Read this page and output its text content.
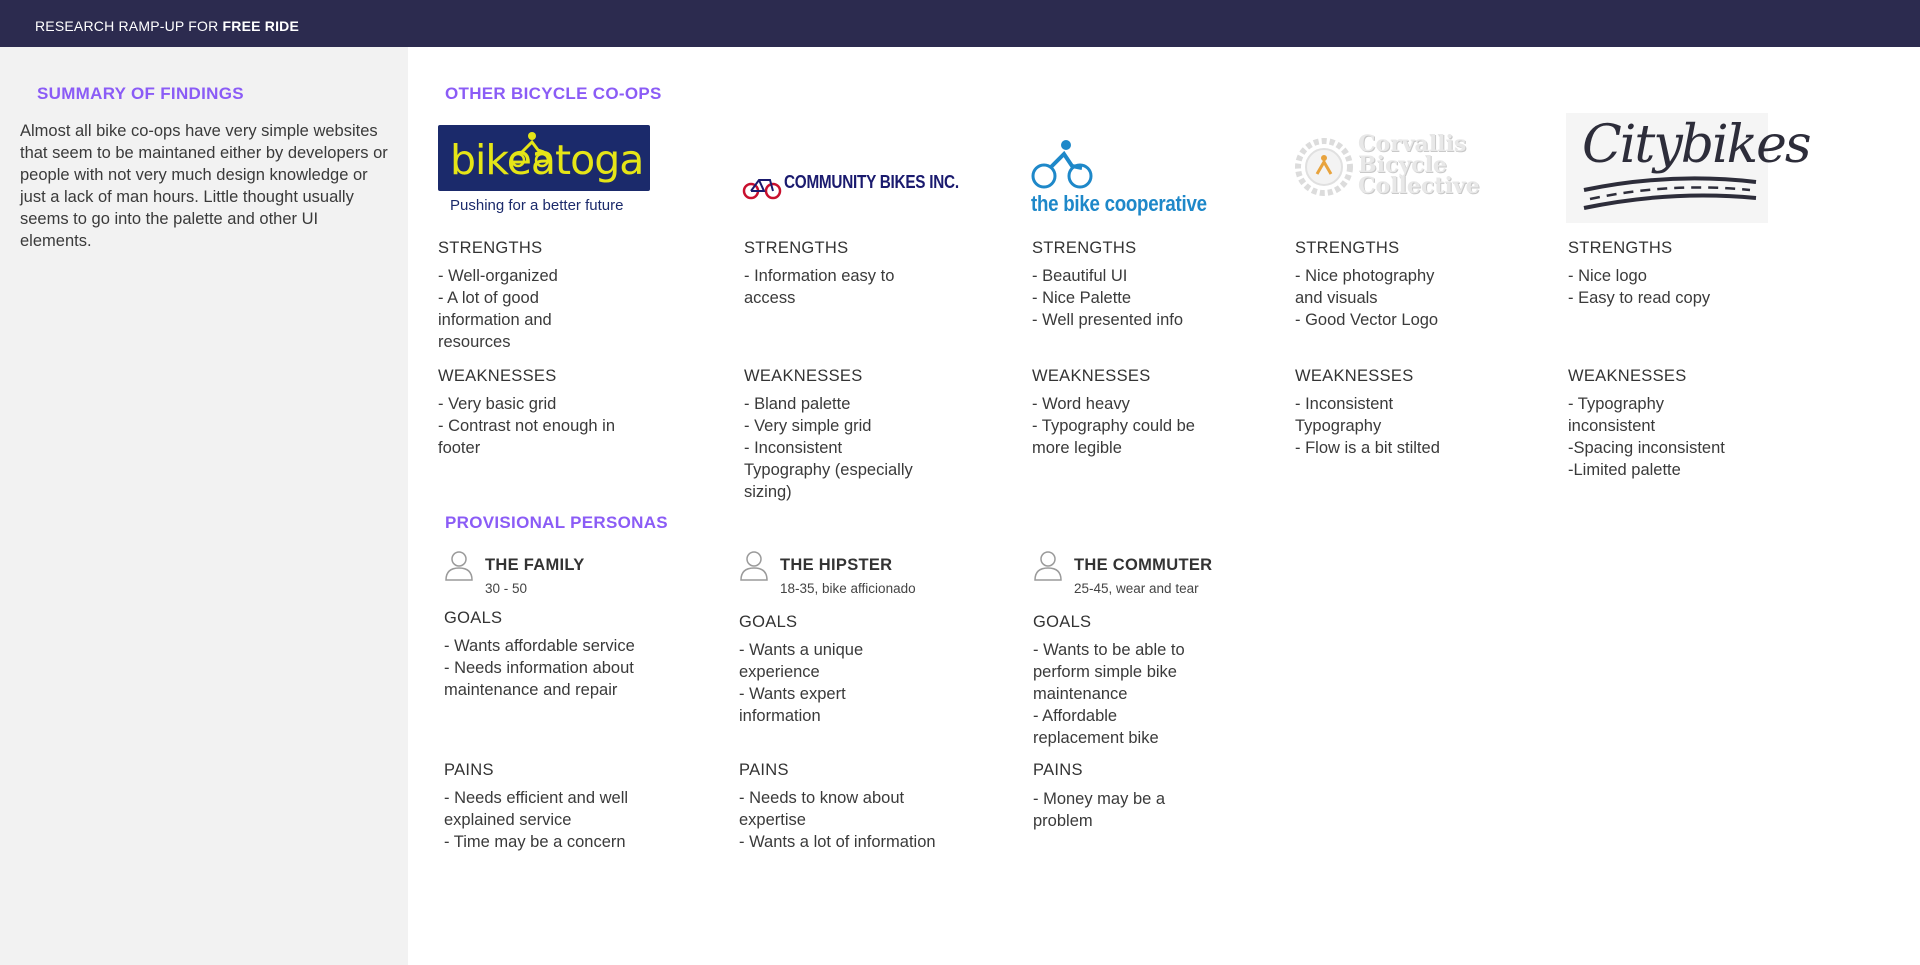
RESEARCH RAMP-UP FOR FREE RIDE
SUMMARY OF FINDINGS
Almost all bike co-ops have very simple websites that seem to be maintaned either by developers or people with not very much design knowledge or just a lack of man hours. Little thought usually seems to go into the palette and other UI elements.
OTHER BICYCLE CO-OPS
bikeatoga
Pushing for a better future
COMMUNITY BIKES INC.
the bike cooperative
Corvallis
Bicycle
Collective
Citybikes
STRENGTHS
- Well-organized
- A lot of good
information and
resources
WEAKNESSES
- Very basic grid
- Contrast not enough in
footer
STRENGTHS
- Information easy to
access
WEAKNESSES
- Bland palette
- Very simple grid
- Inconsistent
Typography (especially
sizing)
STRENGTHS
- Beautiful UI
- Nice Palette
- Well presented info
WEAKNESSES
- Word heavy
- Typography could be
more legible
STRENGTHS
- Nice photography
and visuals
- Good Vector Logo
WEAKNESSES
- Inconsistent
Typography
- Flow is a bit stilted
STRENGTHS
- Nice logo
- Easy to read copy
WEAKNESSES
- Typography
inconsistent
-Spacing inconsistent
-Limited palette
PROVISIONAL PERSONAS
THE FAMILY
30 - 50
GOALS
- Wants affordable service
- Needs information about
maintenance and repair
PAINS
- Needs efficient and well
explained service
- Time may be a concern
THE HIPSTER
18-35, bike afficionado
GOALS
- Wants a unique
experience
- Wants expert
information
PAINS
- Needs to know about
expertise
- Wants a lot of information
THE COMMUTER
25-45, wear and tear
GOALS
- Wants to be able to
perform simple bike
maintenance
- Affordable
replacement bike
PAINS
- Money may be a
problem
